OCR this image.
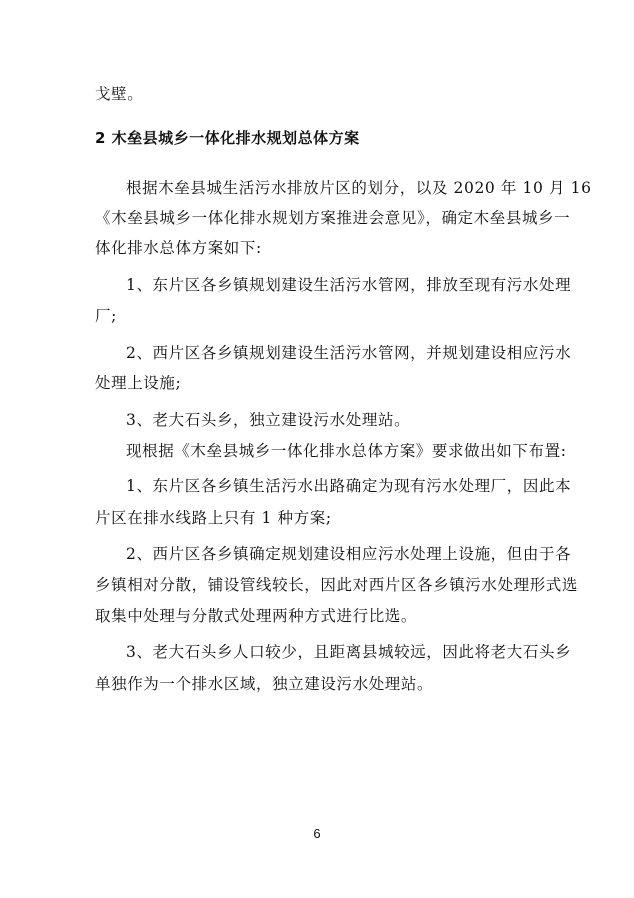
戈壁。
2 木垒县城乡一体化排水规划总体方案
根据木垒县城生活污水排放片区的划分，以及 2020 年 10 月 16
《木垒县城乡一体化排水规划方案推进会意见》，确定木垒县城乡一
体化排水总体方案如下:
1、东片区各乡镇规划建设生活污水管网，排放至现有污水处理
厂;
2、西片区各乡镇规划建设生活污水管网，并规划建设相应污水
处理上设施;
3、老大石头乡，独立建设污水处理站。
现根据《木垒县城乡一体化排水总体方案》要求做出如下布置:
1、东片区各乡镇生活污水出路确定为现有污水处理厂，因此本
片区在排水线路上只有 1 种方案;
2、西片区各乡镇确定规划建设相应污水处理上设施，但由于各
乡镇相对分散，铺设管线较长，因此对西片区各乡镇污水处理形式选
取集中处理与分散式处理两种方式进行比选。
3、老大石头乡人口较少，且距离县城较远，因此将老大石头乡
单独作为一个排水区域，独立建设污水处理站。
6
